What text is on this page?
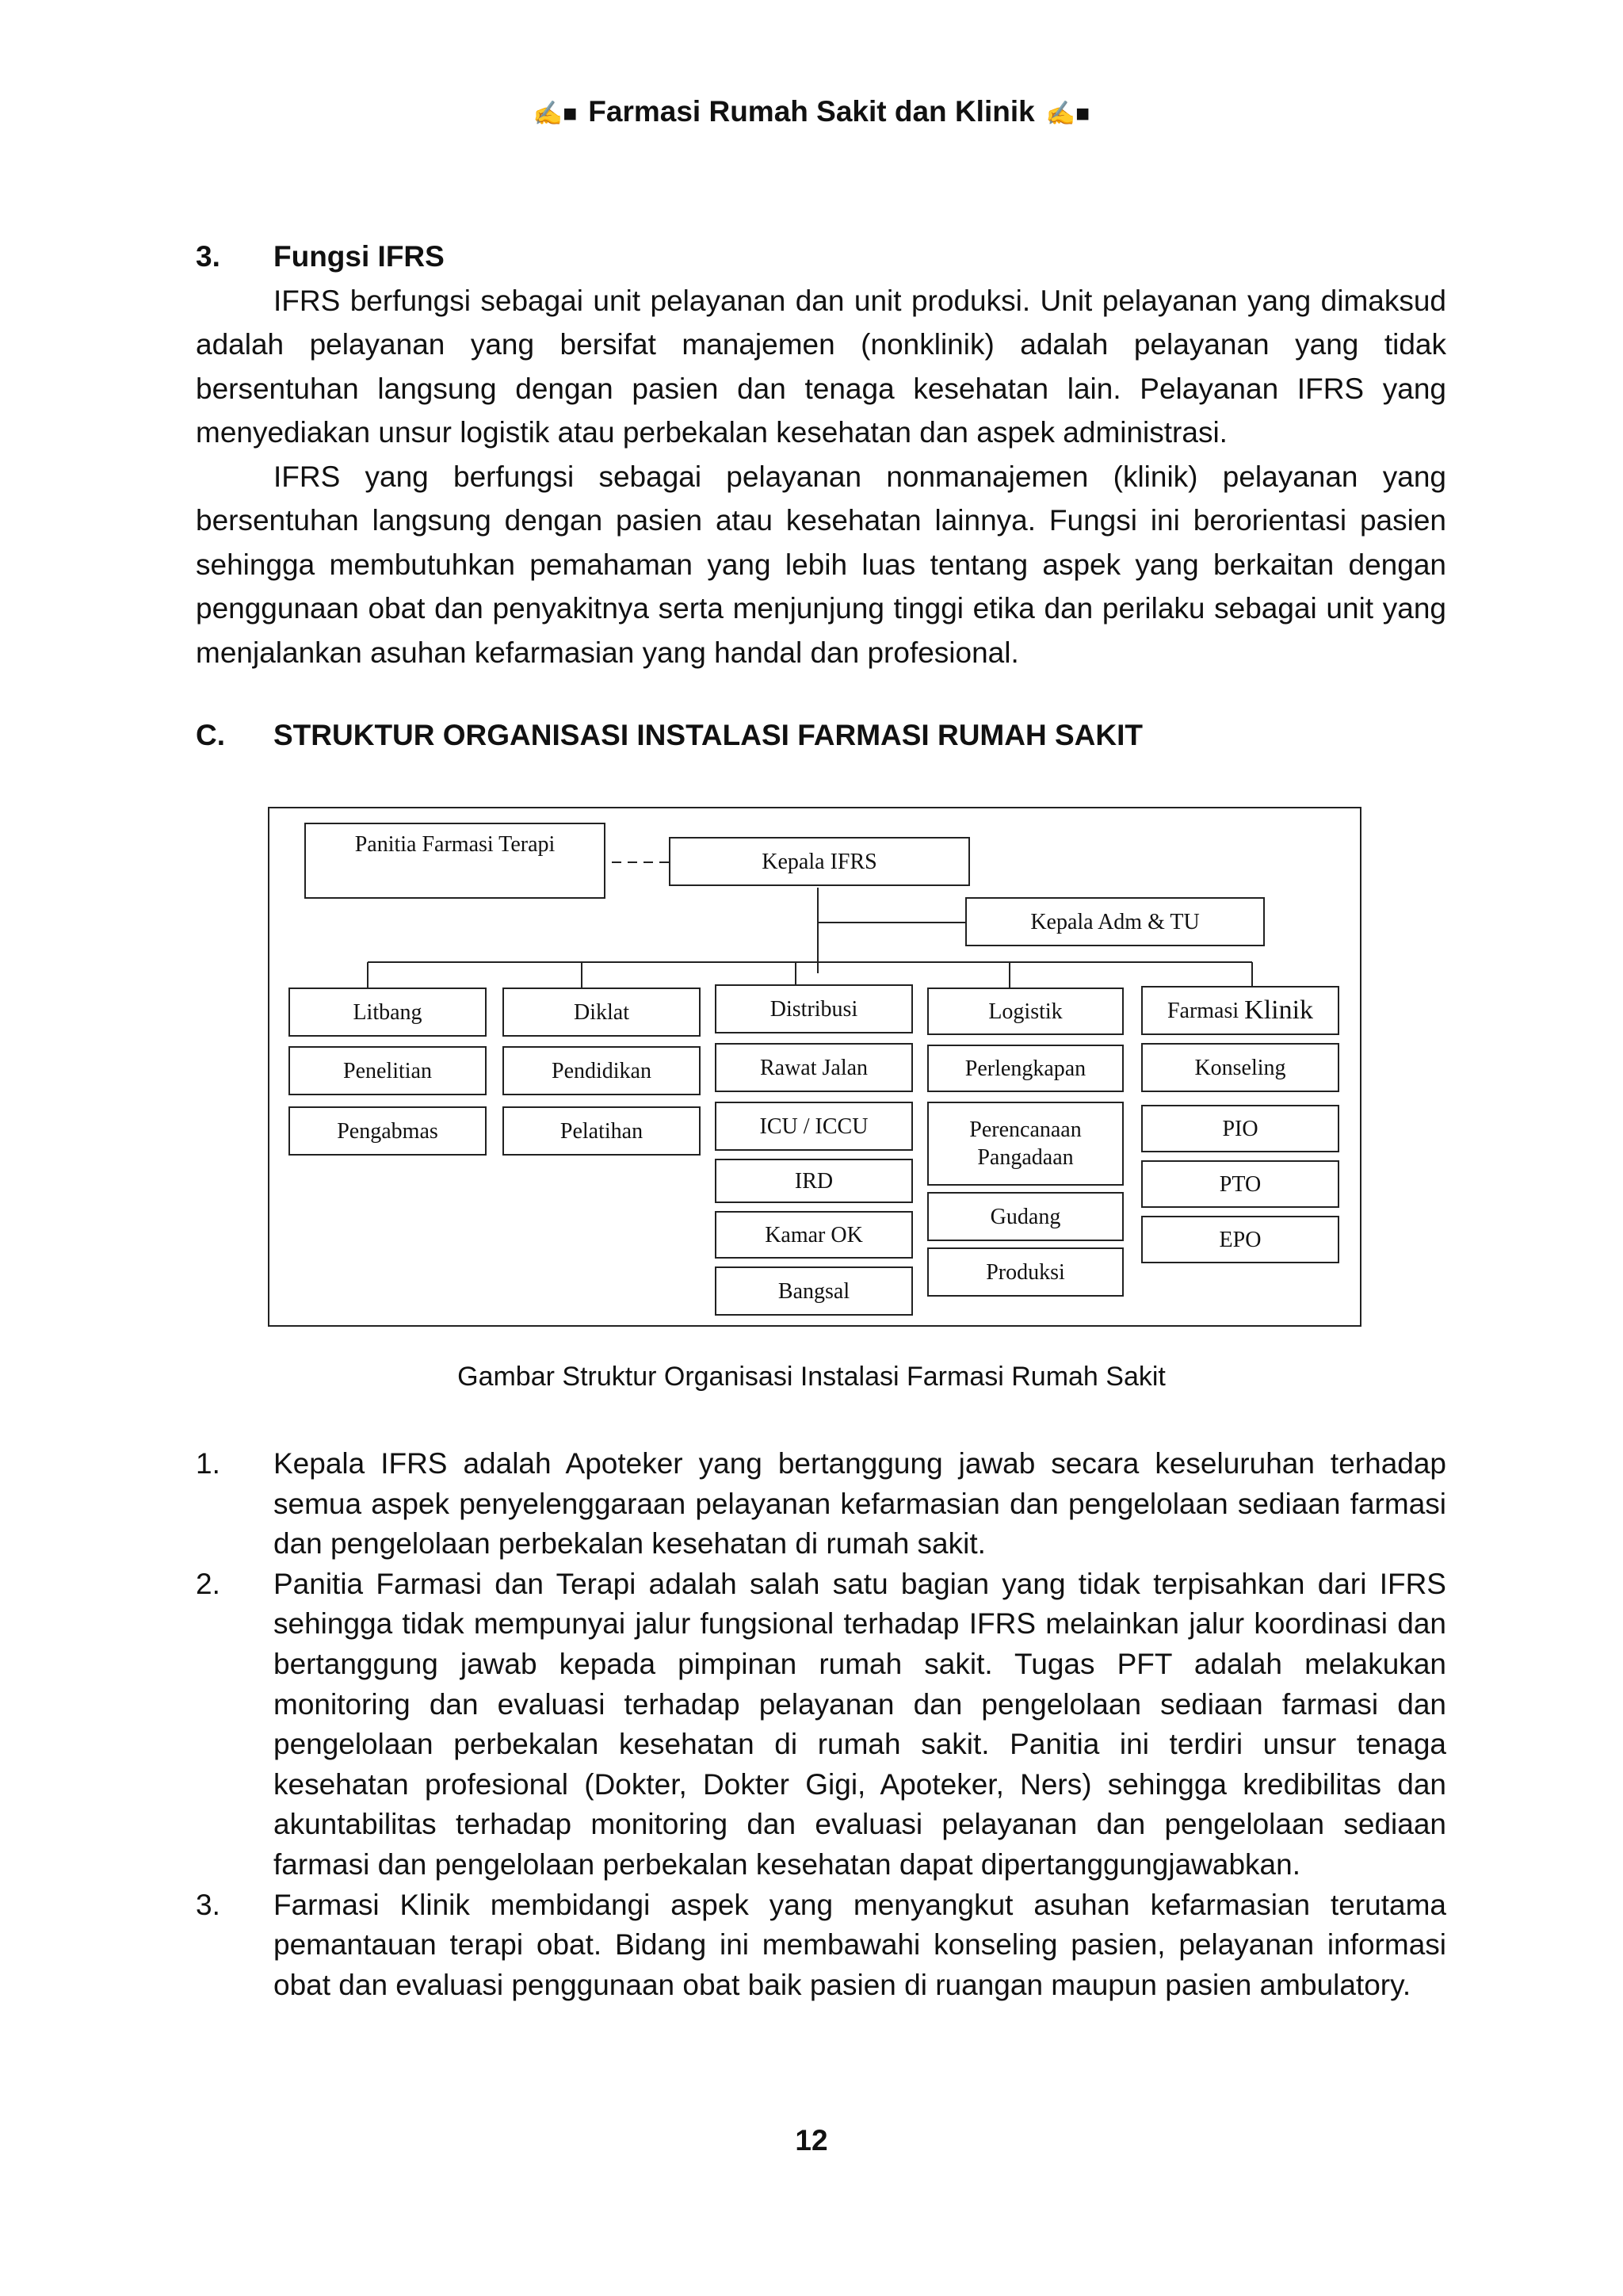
✍■ Farmasi Rumah Sakit dan Klinik ✍■
3. Fungsi IFRS

IFRS berfungsi sebagai unit pelayanan dan unit produksi. Unit pelayanan yang dimaksud adalah pelayanan yang bersifat manajemen (nonklinik) adalah pelayanan yang tidak bersentuhan langsung dengan pasien dan tenaga kesehatan lain. Pelayanan IFRS yang menyediakan unsur logistik atau perbekalan kesehatan dan aspek administrasi.

IFRS yang berfungsi sebagai pelayanan nonmanajemen (klinik) pelayanan yang bersentuhan langsung dengan pasien atau kesehatan lainnya. Fungsi ini berorientasi pasien sehingga membutuhkan pemahaman yang lebih luas tentang aspek yang berkaitan dengan penggunaan obat dan penyakitnya serta menjunjung tinggi etika dan perilaku sebagai unit yang menjalankan asuhan kefarmasian yang handal dan profesional.

C. STRUKTUR ORGANISASI INSTALASI FARMASI RUMAH SAKIT
Panitia Farmasi Terapi
Kepala IFRS
Kepala Adm & TU
Litbang
Penelitian
Pengabmas
Diklat
Pendidikan
Pelatihan
Distribusi
Rawat Jalan
ICU / ICCU
IRD
Kamar OK
Bangsal
Logistik
Perlengkapan
Perencanaan Pangadaan
Gudang
Produksi
Farmasi
Klinik
Konseling
PIO
PTO
EPO
Gambar Struktur Organisasi Instalasi Farmasi Rumah Sakit
1. Kepala IFRS adalah Apoteker yang bertanggung jawab secara keseluruhan terhadap semua aspek penyelenggaraan pelayanan kefarmasian dan pengelolaan sediaan farmasi dan pengelolaan perbekalan kesehatan di rumah sakit.
2. Panitia Farmasi dan Terapi adalah salah satu bagian yang tidak terpisahkan dari IFRS sehingga tidak mempunyai jalur fungsional terhadap IFRS melainkan jalur koordinasi dan bertanggung jawab kepada pimpinan rumah sakit. Tugas PFT adalah melakukan monitoring dan evaluasi terhadap pelayanan dan pengelolaan sediaan farmasi dan pengelolaan perbekalan kesehatan di rumah sakit. Panitia ini terdiri unsur tenaga kesehatan profesional (Dokter, Dokter Gigi, Apoteker, Ners) sehingga kredibilitas dan akuntabilitas terhadap monitoring dan evaluasi pelayanan dan pengelolaan sediaan farmasi dan pengelolaan perbekalan kesehatan dapat dipertanggungjawabkan.
3. Farmasi Klinik membidangi aspek yang menyangkut asuhan kefarmasian terutama pemantauan terapi obat. Bidang ini membawahi konseling pasien, pelayanan informasi obat dan evaluasi penggunaan obat baik pasien di ruangan maupun pasien ambulatory.
12
